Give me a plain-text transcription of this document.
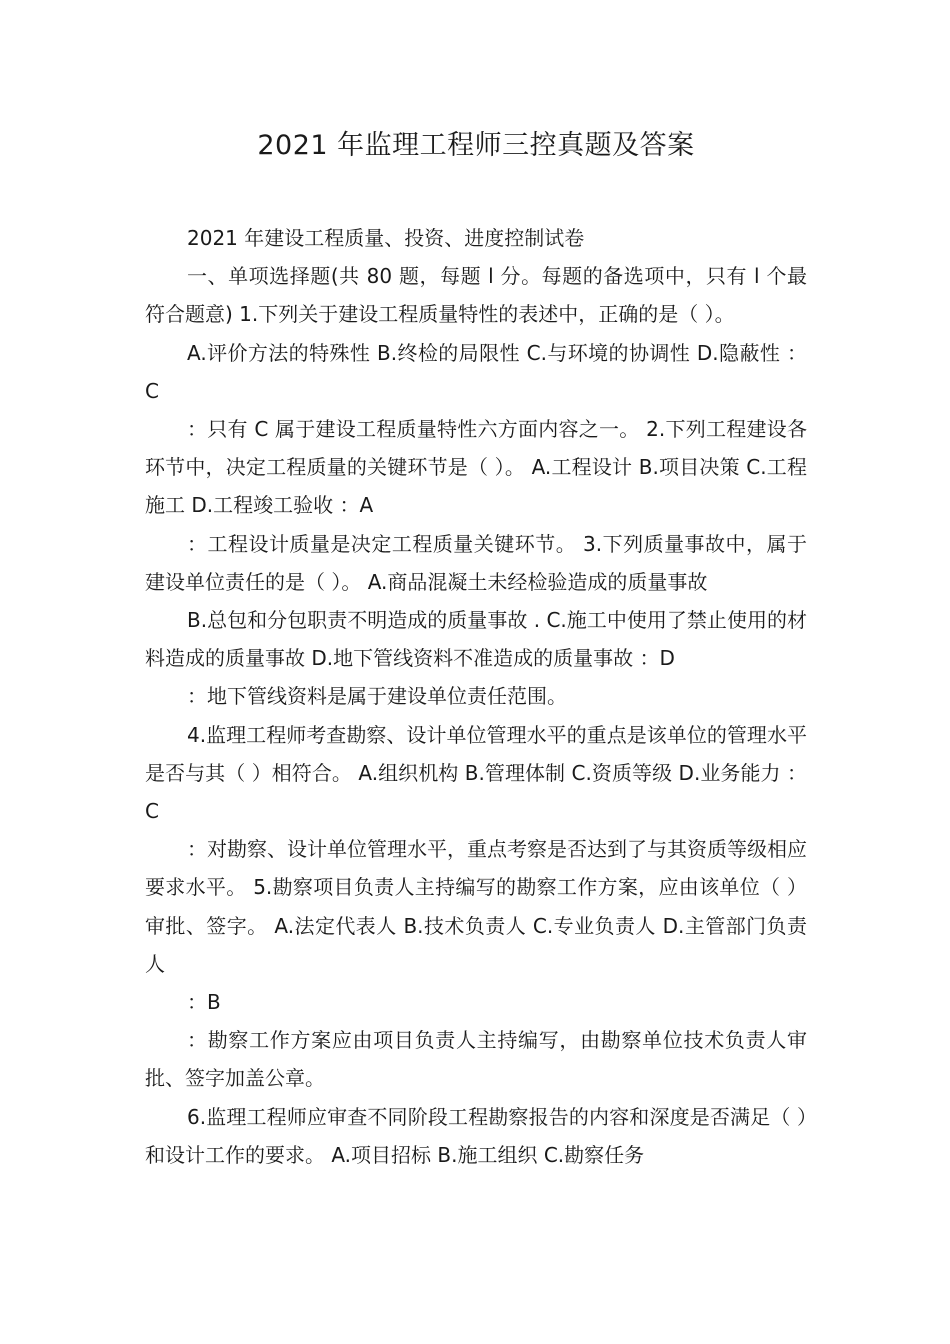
2021 年监理工程师三控真题及答案

2021 年建设工程质量、投资、进度控制试卷

一、单项选择题(共 80 题，每题 l 分。每题的备选项中，只有 l 个最符合题意) 1.下列关于建设工程质量特性的表述中，正确的是（ ）。

A.评价方法的特殊性 B.终检的局限性 C.与环境的协调性 D.隐蔽性 ：C

：只有 C 属于建设工程质量特性六方面内容之一。 2.下列工程建设各环节中，决定工程质量的关键环节是（ ）。 A.工程设计 B.项目决策 C.工程施工 D.工程竣工验收 ：A

：工程设计质量是决定工程质量关键环节。 3.下列质量事故中，属于建设单位责任的是（ ）。 A.商品混凝土未经检验造成的质量事故

B.总包和分包职责不明造成的质量事故 . C.施工中使用了禁止使用的材料造成的质量事故 D.地下管线资料不准造成的质量事故 ：D

：地下管线资料是属于建设单位责任范围。

4.监理工程师考查勘察、设计单位管理水平的重点是该单位的管理水平是否与其（ ）相符合。 A.组织机构 B.管理体制 C.资质等级 D.业务能力 ：C

：对勘察、设计单位管理水平，重点考察是否达到了与其资质等级相应要求水平。 5.勘察项目负责人主持编写的勘察工作方案，应由该单位（ ）审批、签字。 A.法定代表人 B.技术负责人 C.专业负责人 D.主管部门负责人

：B

：勘察工作方案应由项目负责人主持编写，由勘察单位技术负责人审批、签字加盖公章。

6.监理工程师应审查不同阶段工程勘察报告的内容和深度是否满足（ ）和设计工作的要求。 A.项目招标 B.施工组织 C.勘察任务
